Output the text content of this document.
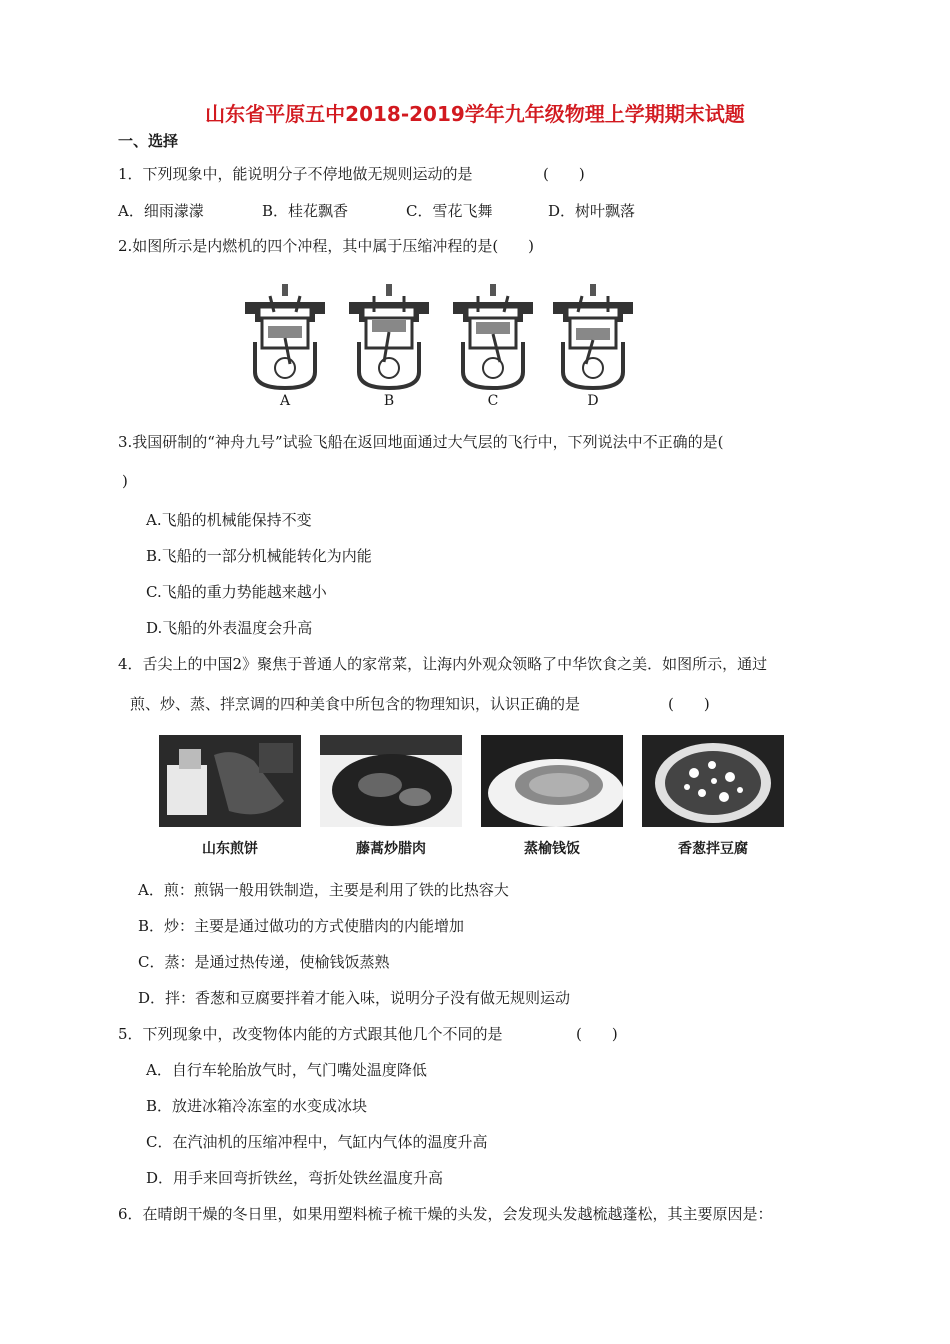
山东省平原五中2018-2019学年九年级物理上学期期末试题
一、选择
1．下列现象中，能说明分子不停地做无规则运动的是	(　　)
A．细雨濛濛	B．桂花飘香	C．雪花飞舞	D．树叶飘落
2.如图所示是内燃机的四个冲程，其中属于压缩冲程的是(　　)
A	B	C	D
3.我国研制的“神舟九号”试验飞船在返回地面通过大气层的飞行中，下列说法中不正确的是(
)
A.飞船的机械能保持不变
B.飞船的一部分机械能转化为内能
C.飞船的重力势能越来越小
D.飞船的外表温度会升高
4．舌尖上的中国2》聚焦于普通人的家常菜，让海内外观众领略了中华饮食之美．如图所示，通过
煎、炒、蒸、拌烹调的四种美食中所包含的物理知识，认识正确的是	(　　)
山东煎饼	藤蒿炒腊肉	蒸榆钱饭	香葱拌豆腐
A．煎：煎锅一般用铁制造，主要是利用了铁的比热容大
B．炒：主要是通过做功的方式使腊肉的内能增加
C．蒸：是通过热传递，使榆钱饭蒸熟
D．拌：香葱和豆腐要拌着才能入味，说明分子没有做无规则运动
5．下列现象中，改变物体内能的方式跟其他几个不同的是	(　　)
A．自行车轮胎放气时，气门嘴处温度降低
B．放进冰箱冷冻室的水变成冰块
C．在汽油机的压缩冲程中，气缸内气体的温度升高
D．用手来回弯折铁丝，弯折处铁丝温度升高
6．在晴朗干燥的冬日里，如果用塑料梳子梳干燥的头发，会发现头发越梳越蓬松，其主要原因是：
